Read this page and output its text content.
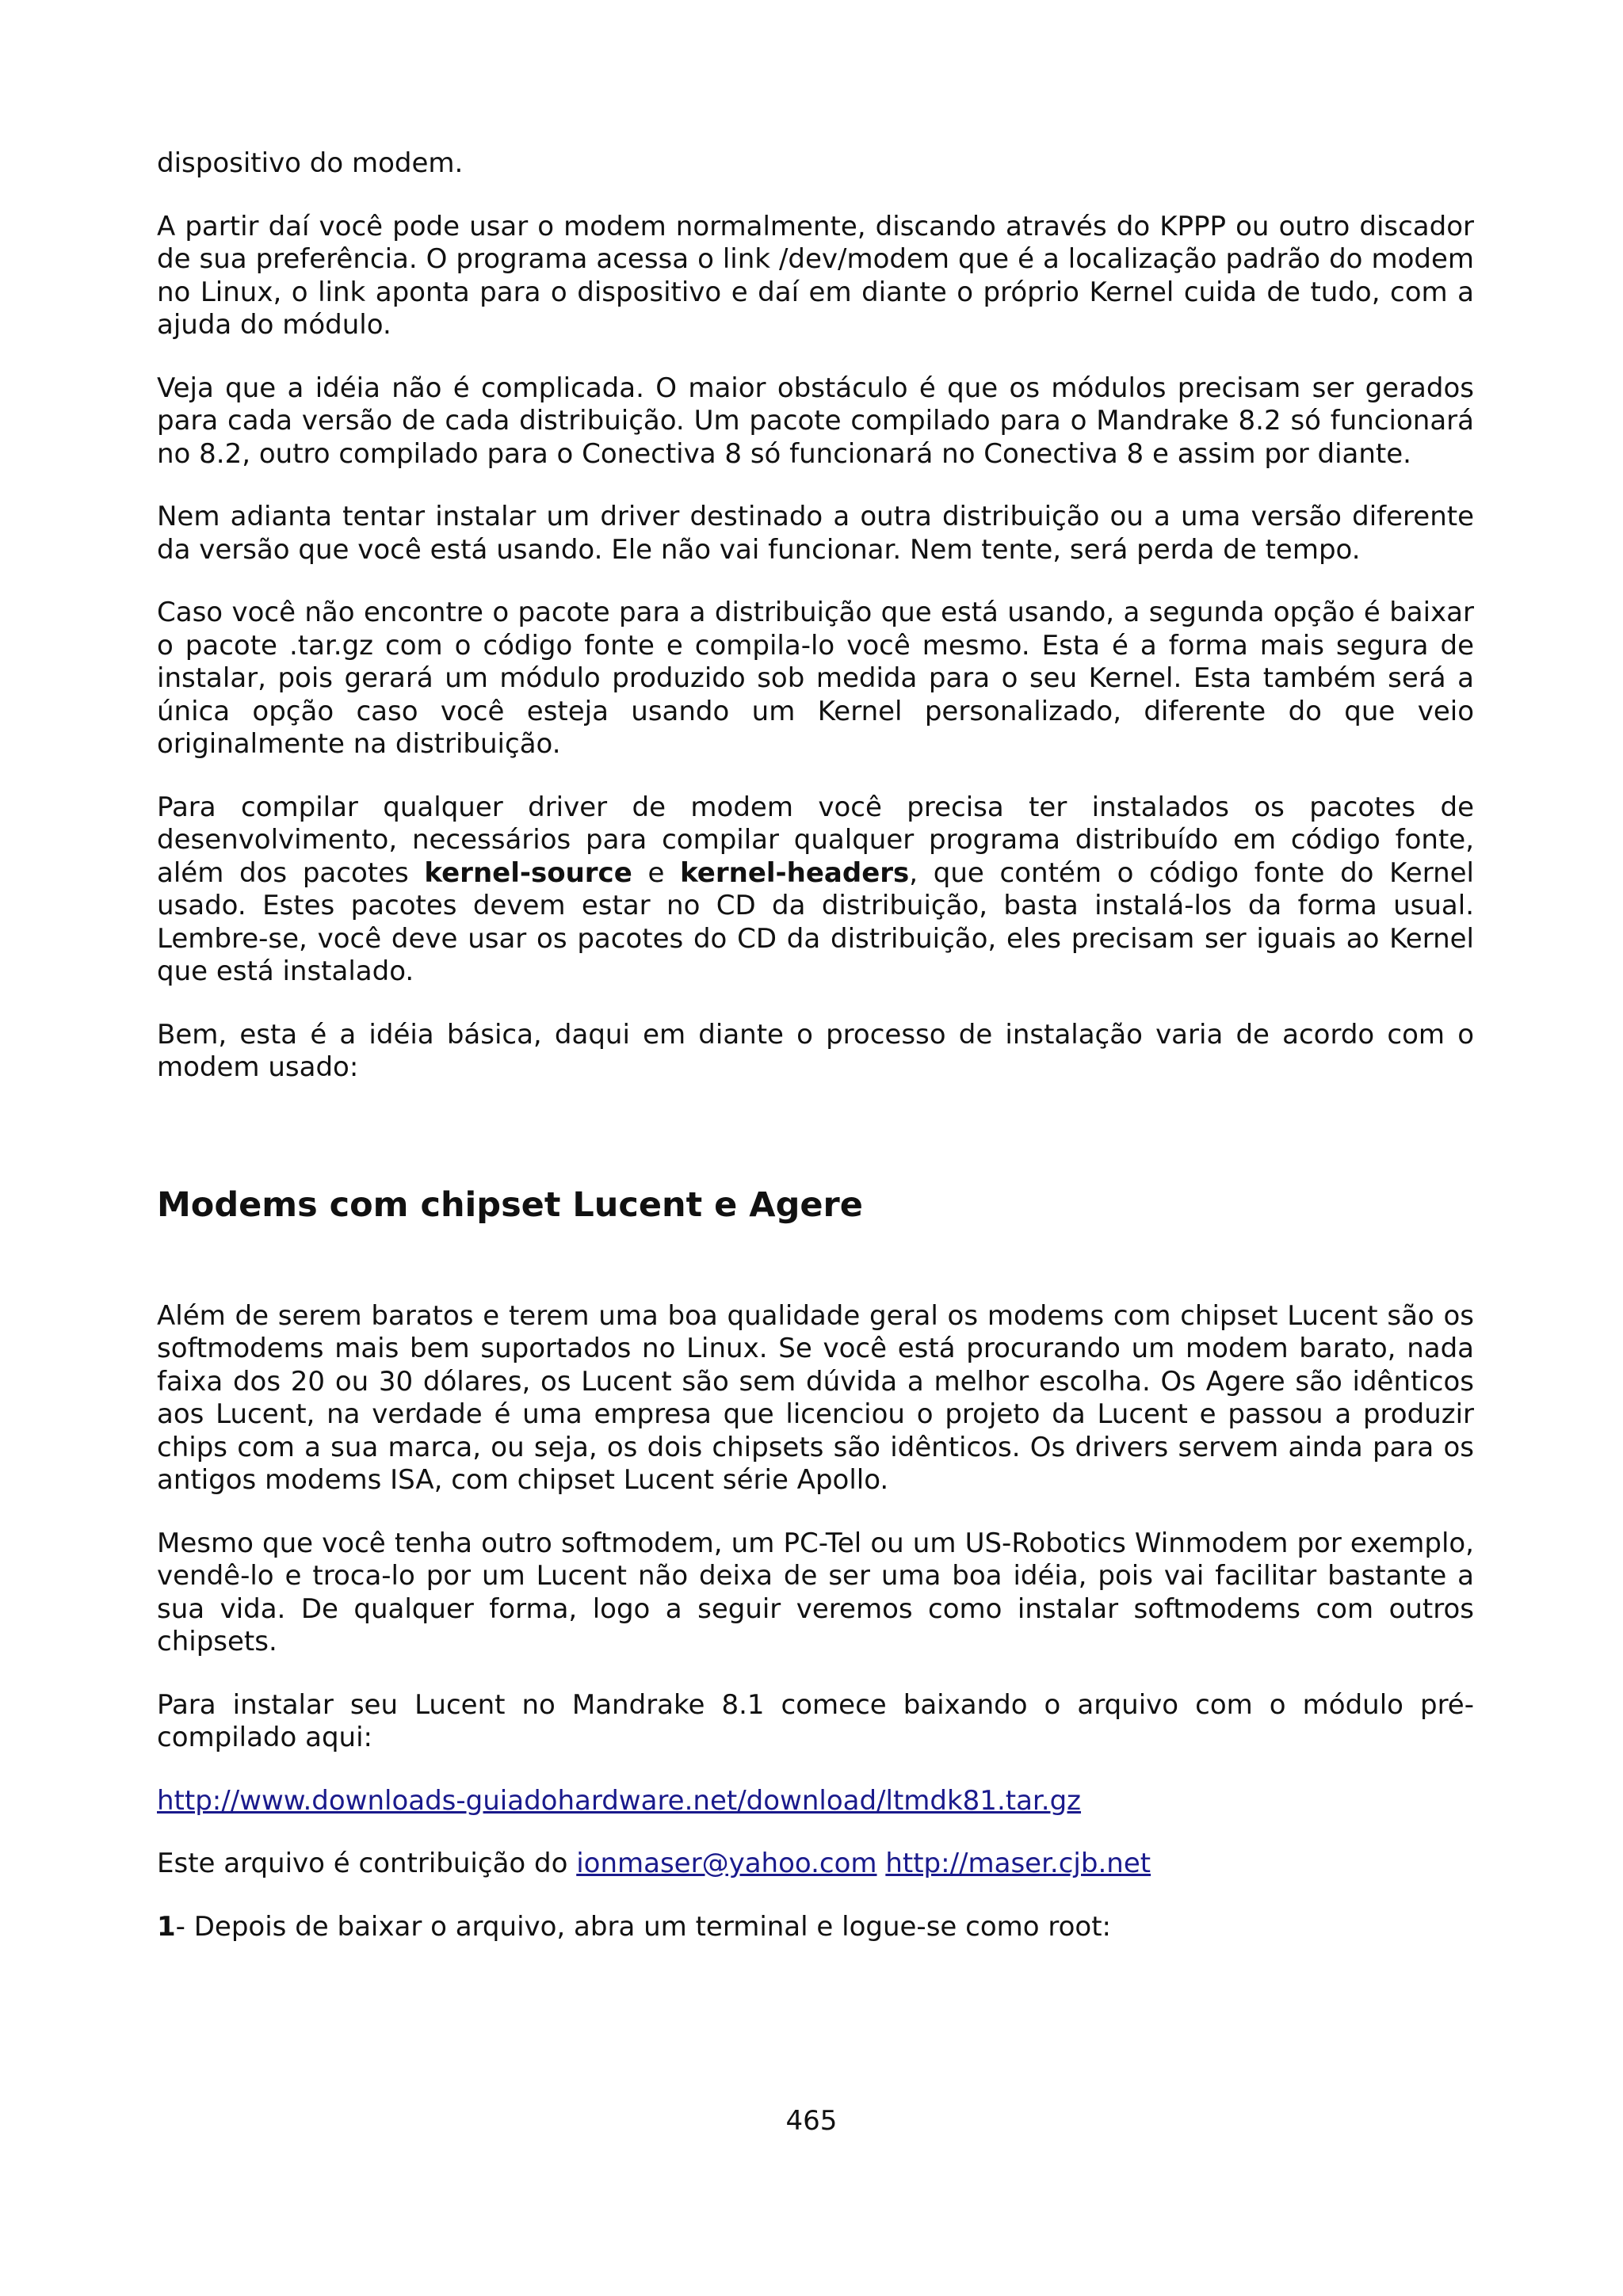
dispositivo do modem.

A partir daí você pode usar o modem normalmente, discando através do KPPP ou outro discador de sua preferência. O programa acessa o link /dev/modem que é a localização padrão do modem no Linux, o link aponta para o dispositivo e daí em diante o próprio Kernel cuida de tudo, com a ajuda do módulo.

Veja que a idéia não é complicada. O maior obstáculo é que os módulos precisam ser gerados para cada versão de cada distribuição. Um pacote compilado para o Mandrake 8.2 só funcionará no 8.2, outro compilado para o Conectiva 8 só funcionará no Conectiva 8 e assim por diante.

Nem adianta tentar instalar um driver destinado a outra distribuição ou a uma versão diferente da versão que você está usando. Ele não vai funcionar. Nem tente, será perda de tempo.

Caso você não encontre o pacote para a distribuição que está usando, a segunda opção é baixar o pacote .tar.gz com o código fonte e compila-lo você mesmo. Esta é a forma mais segura de instalar, pois gerará um módulo produzido sob medida para o seu Kernel. Esta também será a única opção caso você esteja usando um Kernel personalizado, diferente do que veio originalmente na distribuição.

Para compilar qualquer driver de modem você precisa ter instalados os pacotes de desenvolvimento, necessários para compilar qualquer programa distribuído em código fonte, além dos pacotes kernel-source e kernel-headers, que contém o código fonte do Kernel usado. Estes pacotes devem estar no CD da distribuição, basta instalá-los da forma usual. Lembre-se, você deve usar os pacotes do CD da distribuição, eles precisam ser iguais ao Kernel que está instalado.

Bem, esta é a idéia básica, daqui em diante o processo de instalação varia de acordo com o modem usado:

Modems com chipset Lucent e Agere

Além de serem baratos e terem uma boa qualidade geral os modems com chipset Lucent são os softmodems mais bem suportados no Linux. Se você está procurando um modem barato, nada faixa dos 20 ou 30 dólares, os Lucent são sem dúvida a melhor escolha. Os Agere são idênticos aos Lucent, na verdade é uma empresa que licenciou o projeto da Lucent e passou a produzir chips com a sua marca, ou seja, os dois chipsets são idênticos. Os drivers servem ainda para os antigos modems ISA, com chipset Lucent série Apollo.

Mesmo que você tenha outro softmodem, um PC-Tel ou um US-Robotics Winmodem por exemplo, vendê-lo e troca-lo por um Lucent não deixa de ser uma boa idéia, pois vai facilitar bastante a sua vida. De qualquer forma, logo a seguir veremos como instalar softmodems com outros chipsets.

Para instalar seu Lucent no Mandrake 8.1 comece baixando o arquivo com o módulo pré-compilado aqui:

http://www.downloads-guiadohardware.net/download/ltmdk81.tar.gz

Este arquivo é contribuição do ionmaser@yahoo.com http://maser.cjb.net

1- Depois de baixar o arquivo, abra um terminal e logue-se como root:

465
